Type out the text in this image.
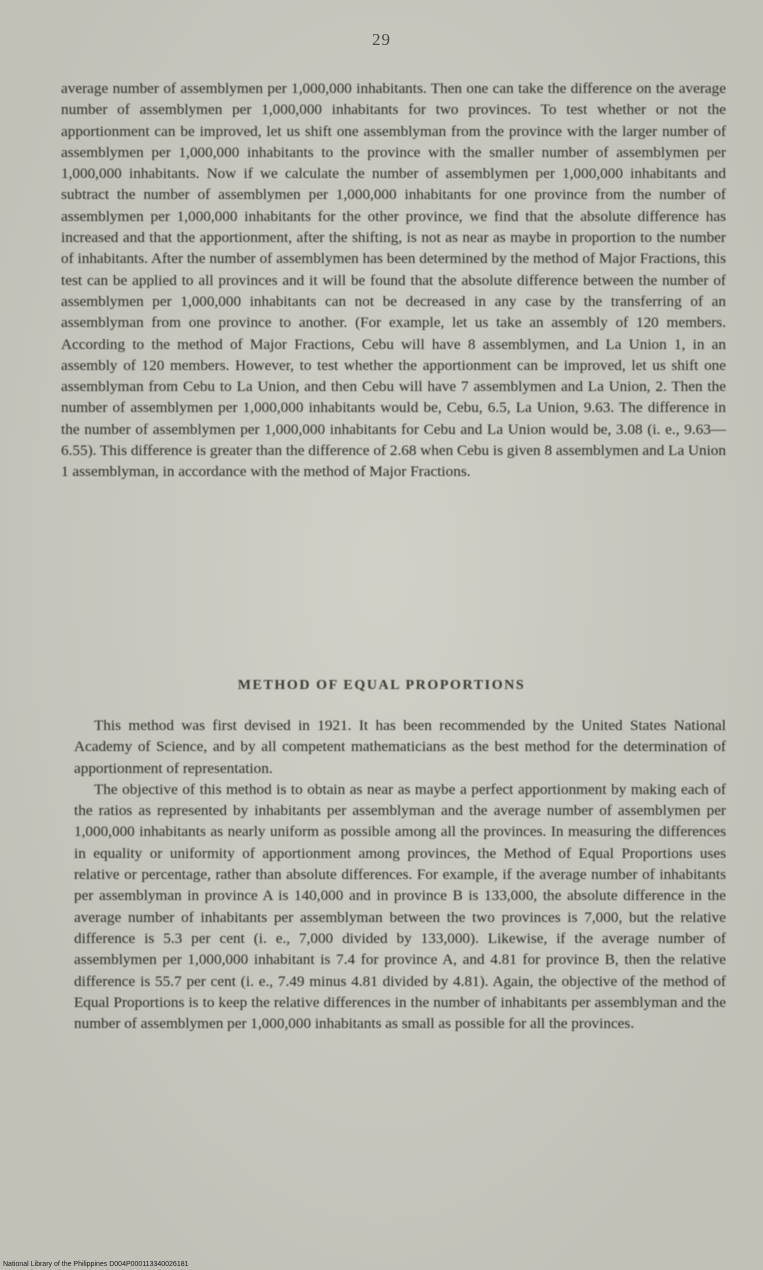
29

average number of assemblymen per 1,000,000 inhabitants. Then one can take the difference on the average number of assemblymen per 1,000,000 inhabitants for two provinces. To test whether or not the apportionment can be improved, let us shift one assemblyman from the province with the larger number of assemblymen per 1,000,000 inhabitants to the province with the smaller number of assemblymen per 1,000,000 inhabitants. Now if we calculate the number of assemblymen per 1,000,000 inhabitants and subtract the number of assemblymen per 1,000,000 inhabitants for one province from the number of assemblymen per 1,000,000 inhabitants for the other province, we find that the absolute difference has increased and that the apportionment, after the shifting, is not as near as maybe in proportion to the number of inhabitants. After the number of assemblymen has been determined by the method of Major Fractions, this test can be applied to all provinces and it will be found that the absolute difference between the number of assemblymen per 1,000,000 inhabitants can not be decreased in any case by the transferring of an assemblyman from one province to another. (For example, let us take an assembly of 120 members. According to the method of Major Fractions, Cebu will have 8 assemblymen, and La Union 1, in an assembly of 120 members. However, to test whether the apportionment can be improved, let us shift one assemblyman from Cebu to La Union, and then Cebu will have 7 assemblymen and La Union, 2. Then the number of assemblymen per 1,000,000 inhabitants would be, Cebu, 6.5, La Union, 9.63. The difference in the number of assemblymen per 1,000,000 inhabitants for Cebu and La Union would be, 3.08 (i. e., 9.63—6.55). This difference is greater than the difference of 2.68 when Cebu is given 8 assemblymen and La Union 1 assemblyman, in accordance with the method of Major Fractions.

METHOD OF EQUAL PROPORTIONS

This method was first devised in 1921. It has been recommended by the United States National Academy of Science, and by all competent mathematicians as the best method for the determination of apportionment of representation.

The objective of this method is to obtain as near as maybe a perfect apportionment by making each of the ratios as represented by inhabitants per assemblyman and the average number of assemblymen per 1,000,000 inhabitants as nearly uniform as possible among all the provinces. In measuring the differences in equality or uniformity of apportionment among provinces, the Method of Equal Proportions uses relative or percentage, rather than absolute differences. For example, if the average number of inhabitants per assemblyman in province A is 140,000 and in province B is 133,000, the absolute difference in the average number of inhabitants per assemblyman between the two provinces is 7,000, but the relative difference is 5.3 per cent (i. e., 7,000 divided by 133,000). Likewise, if the average number of assemblymen per 1,000,000 inhabitant is 7.4 for province A, and 4.81 for province B, then the relative difference is 55.7 per cent (i. e., 7.49 minus 4.81 divided by 4.81). Again, the objective of the method of Equal Proportions is to keep the relative differences in the number of inhabitants per assemblyman and the number of assemblymen per 1,000,000 inhabitants as small as possible for all the provinces.

National Library of the Philippines D004P000113340026181
